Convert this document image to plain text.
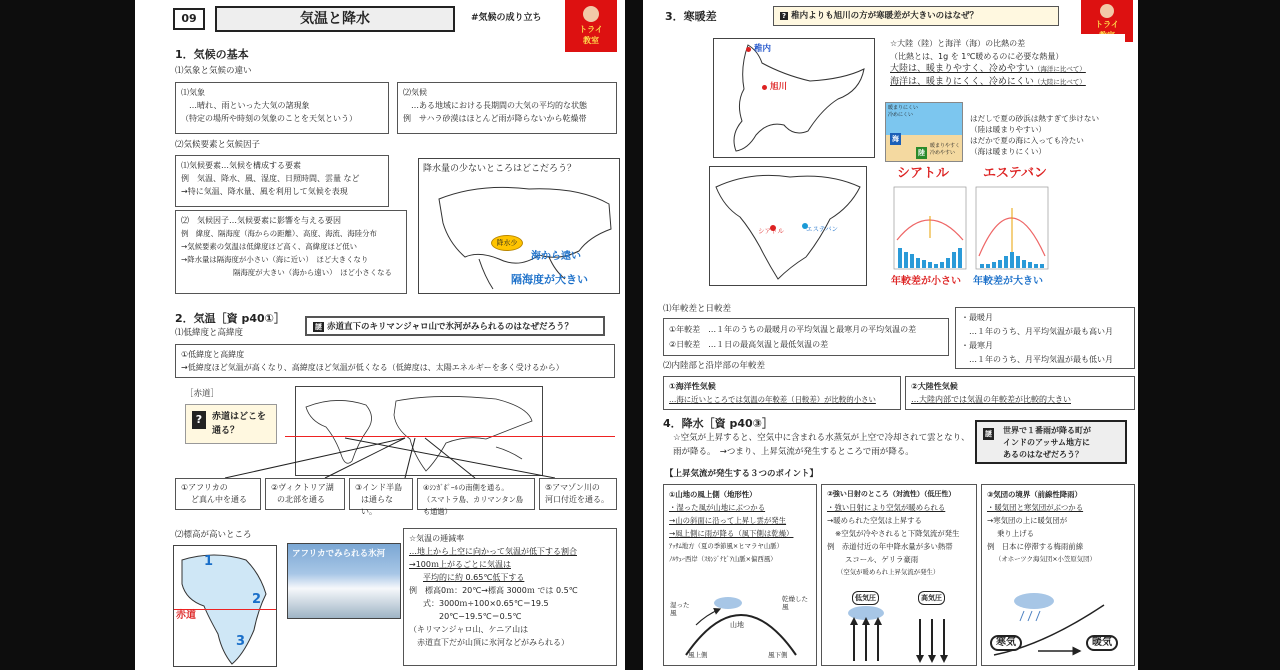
09	気温と降水	#気候の成り立ち
トライ
教室
1．気候の基本
⑴気象と気候の違い
⑴気象
…晴れ、雨といった大気の諸現象
（特定の場所や時刻の気象のことを天気という）
⑵気候
…ある地域における長期間の大気の平均的な状態
例　サハラ砂漠はほとんど雨が降らないから乾燥帯
⑵気候要素と気候因子
⑴気候要素…気候を構成する要素
例　気温、降水、風、湿度、日照時間、雲量 など
→特に気温、降水量、風を利用して気候を表現
⑵　気候因子…気候要素に影響を与える要因
例　緯度、隔海度（海からの距離）、高度、海流、海陸分布
→気候要素の気温は低緯度ほど高く、高緯度ほど低い
→降水量は隔海度が小さい（海に近い）　ほど大きくなり
隔海度が大きい（海から遠い）　ほど小さくなる
降水量の少ないところはどこだろう？
降水少
海から遠い
隔海度が大きい
2．気温［資 p40①］
⑴低緯度と高緯度
謎 赤道直下のキリマンジャロ山で氷河がみられるのはなぜだろう？
①低緯度と高緯度
→低緯度ほど気温が高くなり、高緯度ほど気温が低くなる（低緯度は、太陽エネルギーを多く受けるから）
［赤道］
?	赤道はどこを
通る？
①アフリカの
ど真ん中を通る
②ヴィクトリア湖
の北部を通る
③インド半島
は通らない。
④ｼﾝｶﾞﾎﾟｰﾙの南側を通る。
（スマトラ島、カリマンタン島も通過）
⑤アマゾン川の
河口付近を通る。
⑵標高が高いところ
赤道
1
2
3
アフリカでみられる氷河
☆気温の逓減率
…地上から上空に向かって気温が低下する割合
→100ｍ上がるごとに気温は
平均的に約 0.65℃低下する
例　標高0ｍ：20℃→標高 3000ｍ では 0.5℃
式：3000ｍ÷100×0.65℃＝19.5
20℃−19.5℃＝0.5℃
（キリマンジャロ山、ケニア山は
赤道直下だが山頂に氷河などがみられる）
3．寒暖差	? 稚内よりも旭川の方が寒暖差が大きいのはなぜ？
トライ
稚内
旭川
☆大陸（陸）と海洋（海）の比熱の差
（比熱とは、1g を 1℃暖めるのに必要な熱量）
大陸は、暖まりやすく、冷めやすい（海洋に比べて）
海洋は、暖まりにくく、冷めにくい（大陸に比べて）
暖まりにくい冷めにくい
海
陸
暖まりやすく冷めやすい
はだしで夏の砂浜は熱すぎて歩けない
（陸は暖まりやすい）
はだかで夏の海に入っても冷たい
（海は暖まりにくい）
シアトル	エステバン
シアトル	エステバン
年較差が小さい 年較差が大きい
⑴年較差と日較差
①年較差　…１年のうちの最暖月の平均気温と最寒月の平均気温の差
②日較差　…１日の最高気温と最低気温の差
・最暖月
…１年のうち、月平均気温が最も高い月
・最寒月
…１年のうち、月平均気温が最も低い月
⑵内陸部と沿岸部の年較差
①海洋性気候
…海に近いところでは気温の年較差（日較差）が比較的小さい
②大陸性気候
…大陸内部では気温の年較差が比較的大きい
4．降水［資 p40③］
☆空気が上昇すると、空気中に含まれる水蒸気が上空で冷却されて雲となり、
雨が降る。　→つまり、上昇気流が発生するところで雨が降る。
謎 世界で１番雨が降る町が
インドのアッサム地方に
あるのはなぜだろう？
【上昇気流が発生する３つのポイント】
①山地の風上側（地形性）
・湿った風が山地にぶつかる
→山の斜面に沿って上昇し雲が発生
→風上側に雨が降る（風下側は乾燥）
ｱｯｻﾑ地方（夏の季節風×ヒマラヤ山脈）
ﾉﾙｳｪｰ西岸（ｽｶﾝｼﾞﾅﾋﾞｱ山脈×偏西風）
湿った風
山地
乾燥した風
風上側	風下側
②強い日射のところ（対流性）（低圧性）
・強い日射により空気が暖められる
→暖められた空気は上昇する
※空気が冷やされると下降気流が発生
例　赤道付近の年中降水量が多い熱帯
スコール、ゲリラ豪雨
（空気が暖められ上昇気流が発生）
低気圧	高気圧
③気団の境界（前線性降雨）
・暖気団と寒気団がぶつかる
→寒気団の上に暖気団が
乗り上げる
例　日本に停滞する梅雨前線
（オホーツク海気団×小笠原気団）
寒気	暖気
